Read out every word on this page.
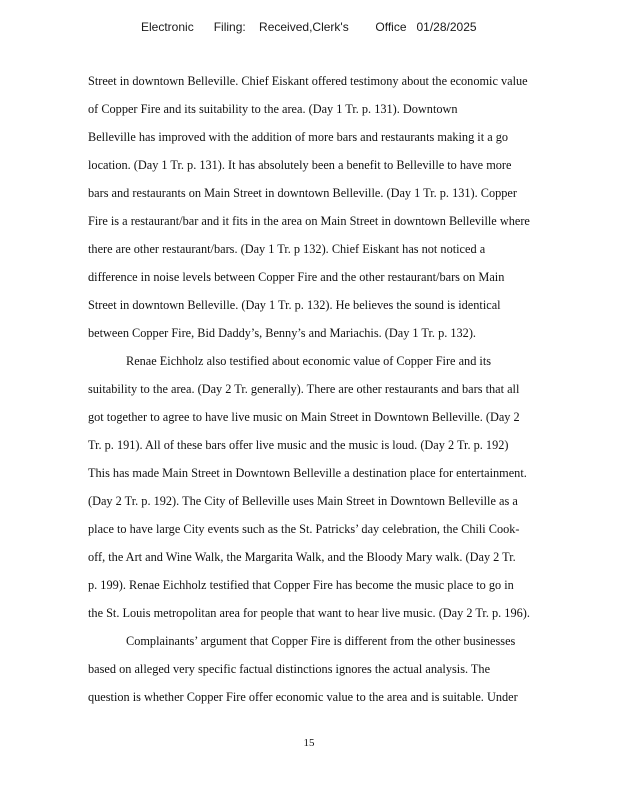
Electronic      Filing:    Received,Clerk's        Office   01/28/2025
Street in downtown Belleville. Chief Eiskant offered testimony about the economic value
of Copper Fire and its suitability to the area. (Day 1 Tr. p. 131). Downtown
Belleville has improved with the addition of more bars and restaurants making it a go
location. (Day 1 Tr. p. 131). It has absolutely been a benefit to Belleville to have more
bars and restaurants on Main Street in downtown Belleville. (Day 1 Tr. p. 131). Copper
Fire is a restaurant/bar and it fits in the area on Main Street in downtown Belleville where
there are other restaurant/bars. (Day 1 Tr. p 132). Chief Eiskant has not noticed a
difference in noise levels between Copper Fire and the other restaurant/bars on Main
Street in downtown Belleville. (Day 1 Tr. p. 132). He believes the sound is identical
between Copper Fire, Bid Daddy’s, Benny’s and Mariachis. (Day 1 Tr. p. 132).
Renae Eichholz also testified about economic value of Copper Fire and its
suitability to the area. (Day 2 Tr. generally). There are other restaurants and bars that all
got together to agree to have live music on Main Street in Downtown Belleville. (Day 2
Tr. p. 191). All of these bars offer live music and the music is loud. (Day 2 Tr. p. 192)
This has made Main Street in Downtown Belleville a destination place for entertainment.
(Day 2 Tr. p. 192). The City of Belleville uses Main Street in Downtown Belleville as a
place to have large City events such as the St. Patricks’ day celebration, the Chili Cook-
off, the Art and Wine Walk, the Margarita Walk, and the Bloody Mary walk. (Day 2 Tr.
p. 199). Renae Eichholz testified that Copper Fire has become the music place to go in
the St. Louis metropolitan area for people that want to hear live music. (Day 2 Tr. p. 196).
Complainants’ argument that Copper Fire is different from the other businesses
based on alleged very specific factual distinctions ignores the actual analysis. The
question is whether Copper Fire offer economic value to the area and is suitable. Under
15
